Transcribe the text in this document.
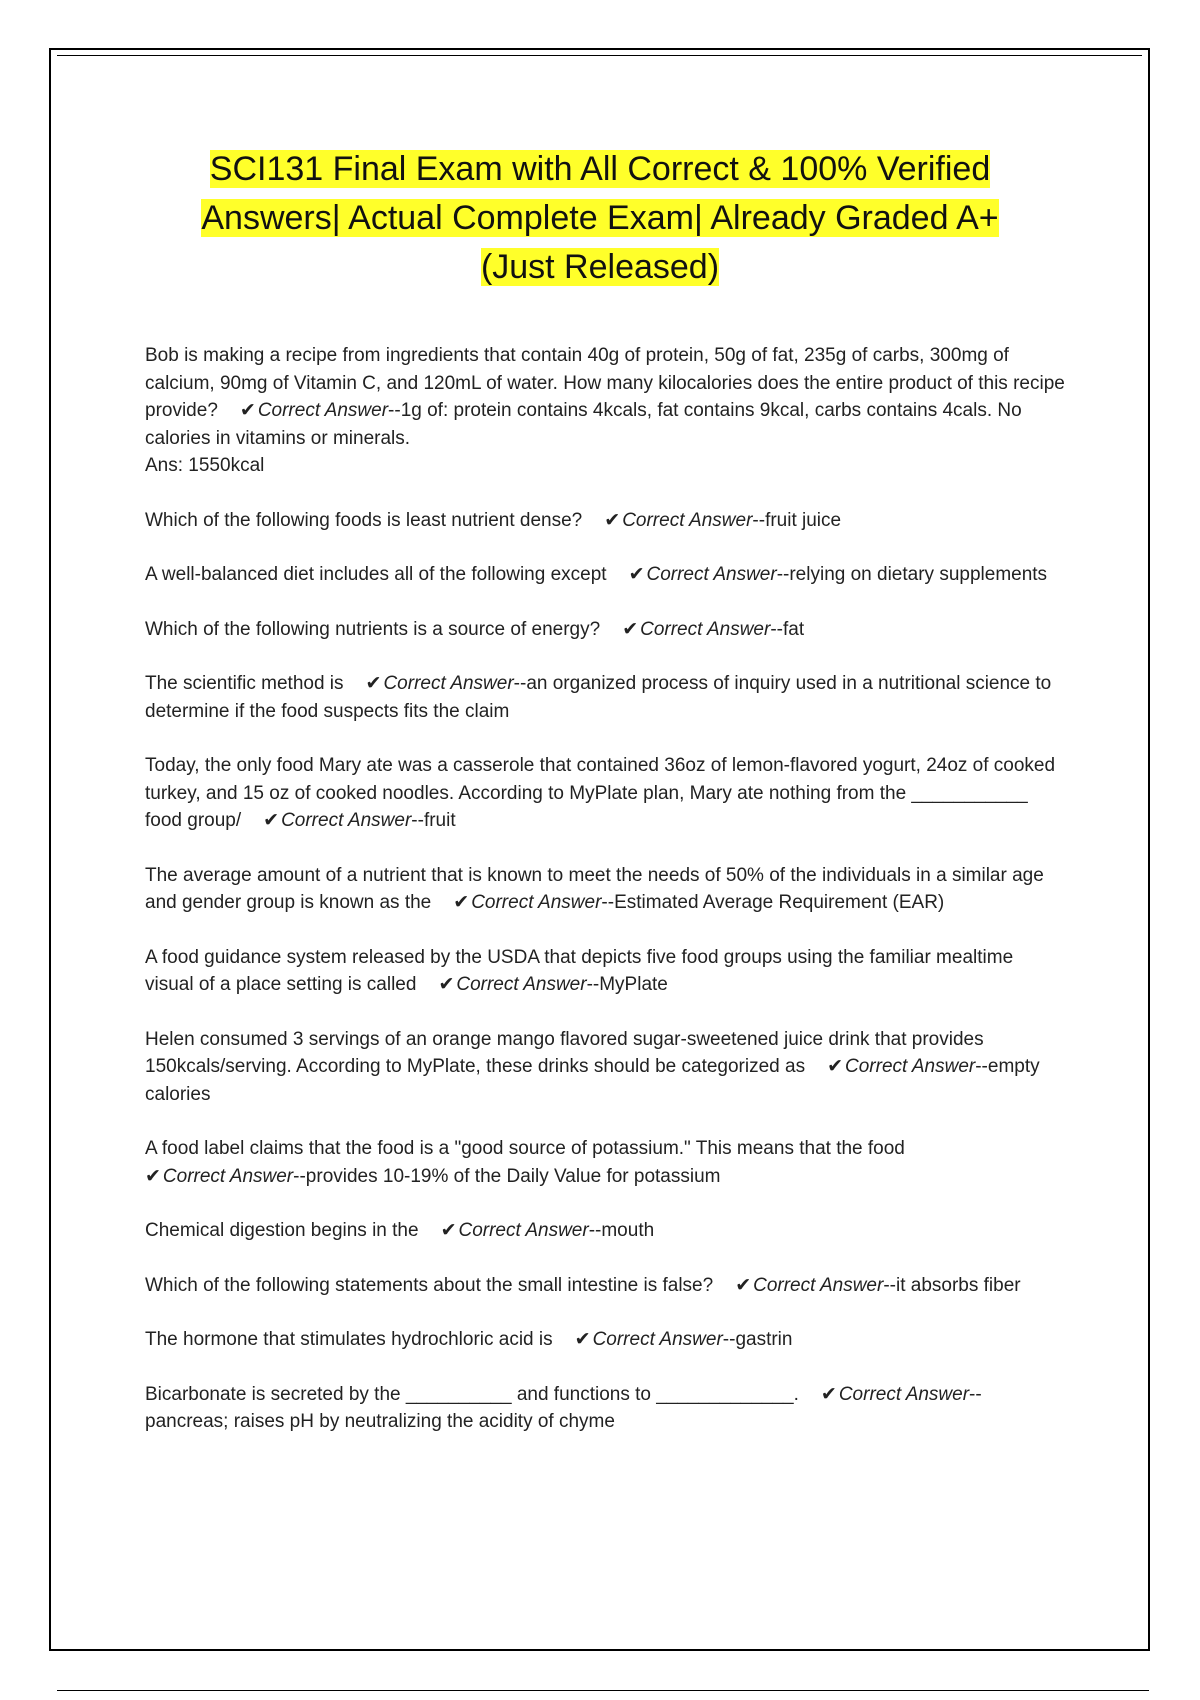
SCI131 Final Exam with All Correct & 100% Verified
Answers| Actual Complete Exam| Already Graded A+
(Just Released)

Bob is making a recipe from ingredients that contain 40g of protein, 50g of fat, 235g of carbs, 300mg of calcium, 90mg of Vitamin C, and 120mL of water. How many kilocalories does the entire product of this recipe provide? ✔ Correct Answer--1g of: protein contains 4kcals, fat contains 9kcal, carbs contains 4cals. No calories in vitamins or minerals.
Ans: 1550kcal

Which of the following foods is least nutrient dense? ✔ Correct Answer--fruit juice

A well-balanced diet includes all of the following except ✔ Correct Answer--relying on dietary supplements

Which of the following nutrients is a source of energy? ✔ Correct Answer--fat

The scientific method is ✔ Correct Answer--an organized process of inquiry used in a nutritional science to determine if the food suspects fits the claim

Today, the only food Mary ate was a casserole that contained 36oz of lemon-flavored yogurt, 24oz of cooked turkey, and 15 oz of cooked noodles. According to MyPlate plan, Mary ate nothing from the ___________ food group/ ✔ Correct Answer--fruit

The average amount of a nutrient that is known to meet the needs of 50% of the individuals in a similar age and gender group is known as the ✔ Correct Answer--Estimated Average Requirement (EAR)

A food guidance system released by the USDA that depicts five food groups using the familiar mealtime visual of a place setting is called ✔ Correct Answer--MyPlate

Helen consumed 3 servings of an orange mango flavored sugar-sweetened juice drink that provides 150kcals/serving. According to MyPlate, these drinks should be categorized as ✔ Correct Answer--empty calories

A food label claims that the food is a "good source of potassium." This means that the food
✔ Correct Answer--provides 10-19% of the Daily Value for potassium

Chemical digestion begins in the ✔ Correct Answer--mouth

Which of the following statements about the small intestine is false? ✔ Correct Answer--it absorbs fiber

The hormone that stimulates hydrochloric acid is ✔ Correct Answer--gastrin

Bicarbonate is secreted by the __________ and functions to _____________. ✔ Correct Answer--pancreas; raises pH by neutralizing the acidity of chyme
